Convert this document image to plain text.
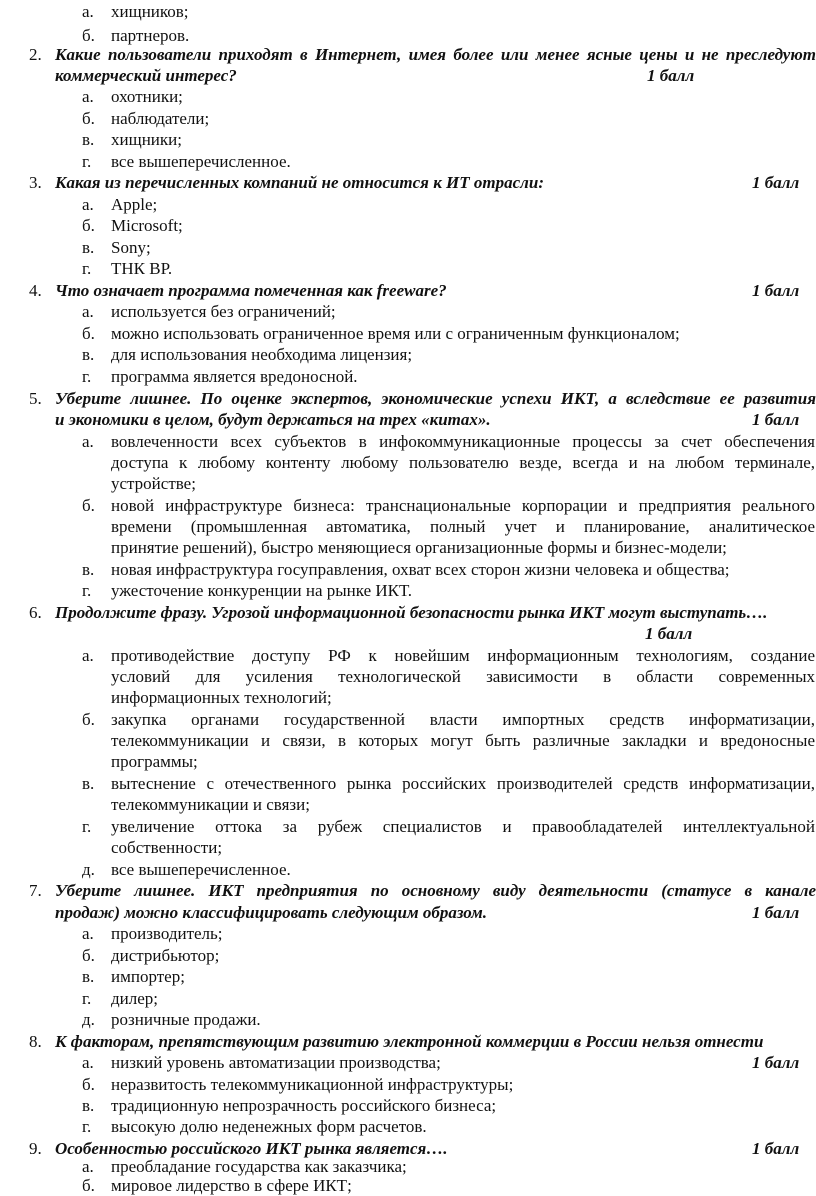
а. хищников;
б. партнеров.
2. Какие пользователи приходят в Интернет, имея более или менее ясные цены и не преследуют
коммерческий интерес?	1 балл
а. охотники;
б. наблюдатели;
в. хищники;
г. все вышеперечисленное.
3. Какая из перечисленных компаний не относится к ИТ отрасли:	1 балл
а. Apple;
б. Microsoft;
в. Sony;
г. ТНК ВР.
4. Что означает программа помеченная как freeware?	1 балл
а. используется без ограничений;
б. можно использовать ограниченное время или с ограниченным функционалом;
в. для использования необходима лицензия;
г. программа является вредоносной.
5. Уберите лишнее. По оценке экспертов, экономические успехи ИКТ, а вследствие ее развития
и экономики в целом, будут держаться на трех «китах».	1 балл
а. вовлеченности всех субъектов в инфокоммуникационные процессы за счет обеспечения
доступа к любому контенту любому пользователю везде, всегда и на любом терминале,
устройстве;
б. новой инфраструктуре бизнеса: транснациональные корпорации и предприятия реального
времени (промышленная автоматика, полный учет и планирование, аналитическое
принятие решений), быстро меняющиеся организационные формы и бизнес-модели;
в. новая инфраструктура госуправления, охват всех сторон жизни человека и общества;
г. ужесточение конкуренции на рынке ИКТ.
6. Продолжите фразу. Угрозой информационной безопасности рынка ИКТ могут выступать….
1 балл
а. противодействие доступу РФ к новейшим информационным технологиям, создание
условий для усиления технологической зависимости в области современных
информационных технологий;
б. закупка органами государственной власти импортных средств информатизации,
телекоммуникации и связи, в которых могут быть различные закладки и вредоносные
программы;
в. вытеснение с отечественного рынка российских производителей средств информатизации,
телекоммуникации и связи;
г. увеличение оттока за рубеж специалистов и правообладателей интеллектуальной
собственности;
д. все вышеперечисленное.
7. Уберите лишнее. ИКТ предприятия по основному виду деятельности (статусе в канале
продаж) можно классифицировать следующим образом.	1 балл
а. производитель;
б. дистрибьютор;
в. импортер;
г. дилер;
д. розничные продажи.
8. К факторам, препятствующим развитию электронной коммерции в России нельзя отнести
а. низкий уровень автоматизации производства;	1 балл
б. неразвитость телекоммуникационной инфраструктуры;
в. традиционную непрозрачность российского бизнеса;
г. высокую долю неденежных форм расчетов.
9. Особенностью российского ИКТ рынка является….	1 балл
а. преобладание государства как заказчика;
б. мировое лидерство в сфере ИКТ;
